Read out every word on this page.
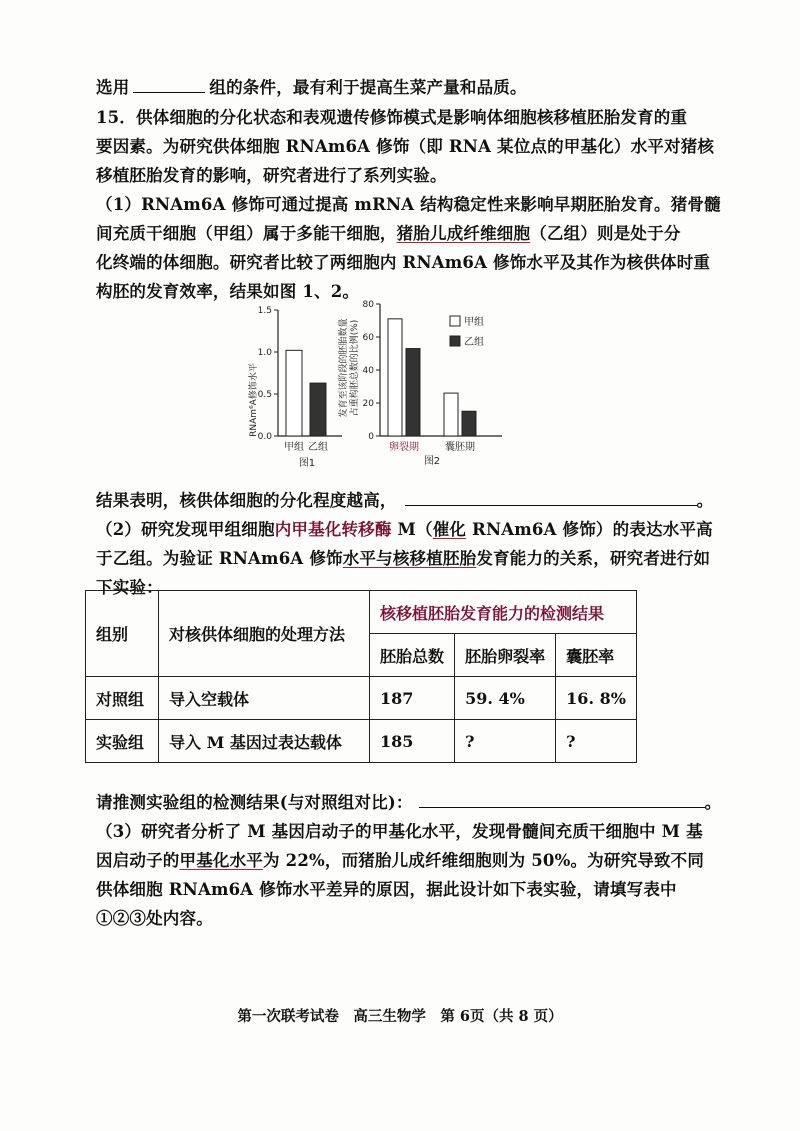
选用	组的条件，最有利于提高生菜产量和品质。
15．供体细胞的分化状态和表观遗传修饰模式是影响体细胞核移植胚胎发育的重
要因素。为研究供体细胞 RNAm6A 修饰（即 RNA 某位点的甲基化）水平对猪核
移植胚胎发育的影响，研究者进行了系列实验。
（1）RNAm6A 修饰可通过提高 mRNA 结构稳定性来影响早期胚胎发育。猪骨髓
间充质干细胞（甲组）属于多能干细胞，猪胎儿成纤维细胞（乙组）则是处于分
化终端的体细胞。研究者比较了两细胞内 RNAm6A 修饰水平及其作为核供体时重
构胚的发育效率，结果如图 1、2。
RNAm⁶A修饰水平
0.0
0.5
1.0
1.5
甲组 乙组
图1
发育至该阶段的胚胎数量 占重构胚总数的比例(%)
0
20
40
60
80
卵裂期	囊胚期
甲组
乙组
图2
结果表明，核供体细胞的分化程度越高，	。
（2）研究发现甲组细胞内甲基化转移酶 M（催化 RNAm6A 修饰）的表达水平高
于乙组。为验证 RNAm6A 修饰水平与核移植胚胎发育能力的关系，研究者进行如
下实验：
组别	对核供体细胞的处理方法	核移植胚胎发育能力的检测结果		
		胚胎总数	胚胎卵裂率	囊胚率
对照组	导入空载体	187	59. 4%	16. 8%
实验组	导入 M 基因过表达载体	185	?	?
请推测实验组的检测结果(与对照组对比)：	。
（3）研究者分析了 M 基因启动子的甲基化水平，发现骨髓间充质干细胞中 M 基
因启动子的甲基化水平为 22%，而猪胎儿成纤维细胞则为 50%。为研究导致不同
供体细胞 RNAm6A 修饰水平差异的原因，据此设计如下表实验，请填写表中
①②③处内容。
第一次联考试卷　高三生物学　第 6页（共 8 页）
